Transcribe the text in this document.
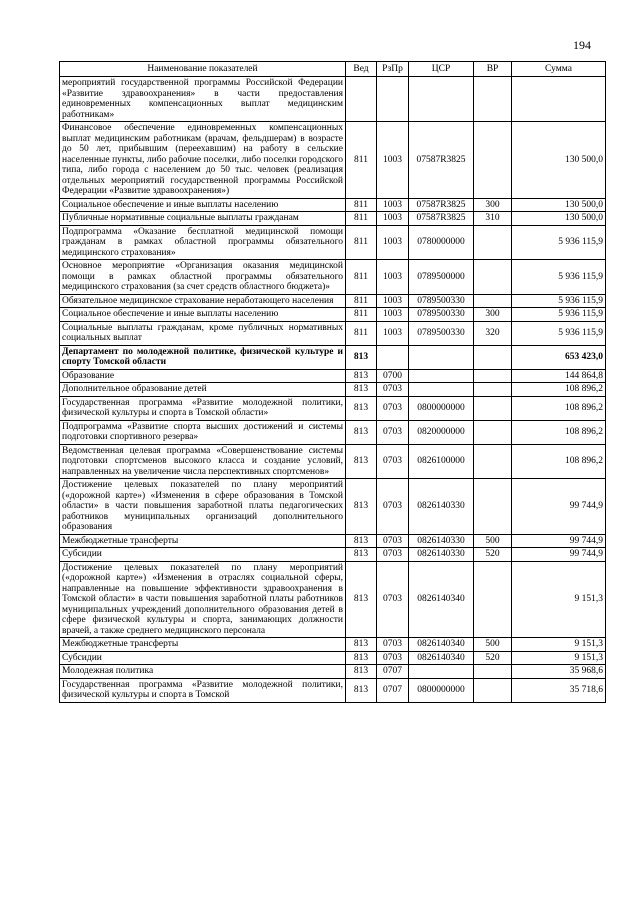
194
Наименование показателей	Вед	РзПр	ЦСР	ВР	Сумма
мероприятий государственной программы Российской Федерации «Развитие здравоохранения» в части предоставления единовременных компенсационных выплат медицинским работникам»					
Финансовое обеспечение единовременных компенсационных выплат медицинским работникам (врачам, фельдшерам) в возрасте до 50 лет, прибывшим (переехавшим) на работу в сельские населенные пункты, либо рабочие поселки, либо поселки городского типа, либо города с населением до 50 тыс. человек (реализация отдельных мероприятий государственной программы Российской Федерации «Развитие здравоохранения»)	811	1003	07587R3825		130 500,0
Социальное обеспечение и иные выплаты населению	811	1003	07587R3825	300	130 500,0
Публичные нормативные социальные выплаты гражданам	811	1003	07587R3825	310	130 500,0
Подпрограмма «Оказание бесплатной медицинской помощи гражданам в рамках областной программы обязательного медицинского страхования»	811	1003	0780000000		5 936 115,9
Основное мероприятие «Организация оказания медицинской помощи в рамках областной программы обязательного медицинского страхования (за счет средств областного бюджета)»	811	1003	0789500000		5 936 115,9
Обязательное медицинское страхование неработающего населения	811	1003	0789500330		5 936 115,9
Социальное обеспечение и иные выплаты населению	811	1003	0789500330	300	5 936 115,9
Социальные выплаты гражданам, кроме публичных нормативных социальных выплат	811	1003	0789500330	320	5 936 115,9
Департамент по молодежной политике, физической культуре и спорту Томской области	813				653 423,0
Образование	813	0700			144 864,8
Дополнительное образование детей	813	0703			108 896,2
Государственная программа «Развитие молодежной политики, физической культуры и спорта в Томской области»	813	0703	0800000000		108 896,2
Подпрограмма «Развитие спорта высших достижений и системы подготовки спортивного резерва»	813	0703	0820000000		108 896,2
Ведомственная целевая программа «Совершенствование системы подготовки спортсменов высокого класса и создание условий, направленных на увеличение числа перспективных спортсменов»	813	0703	0826100000		108 896,2
Достижение целевых показателей по плану мероприятий («дорожной карте») «Изменения в сфере образования в Томской области» в части повышения заработной платы педагогических работников муниципальных организаций дополнительного образования	813	0703	0826140330		99 744,9
Межбюджетные трансферты	813	0703	0826140330	500	99 744,9
Субсидии	813	0703	0826140330	520	99 744,9
Достижение целевых показателей по плану мероприятий («дорожной карте») «Изменения в отраслях социальной сферы, направленные на повышение эффективности здравоохранения в Томской области» в части повышения заработной платы работников муниципальных учреждений дополнительного образования детей в сфере физической культуры и спорта, занимающих должности врачей, а также среднего медицинского персонала	813	0703	0826140340		9 151,3
Межбюджетные трансферты	813	0703	0826140340	500	9 151,3
Субсидии	813	0703	0826140340	520	9 151,3
Молодежная политика	813	0707			35 968,6
Государственная программа «Развитие молодежной политики, физической культуры и спорта в Томской	813	0707	0800000000		35 718,6
